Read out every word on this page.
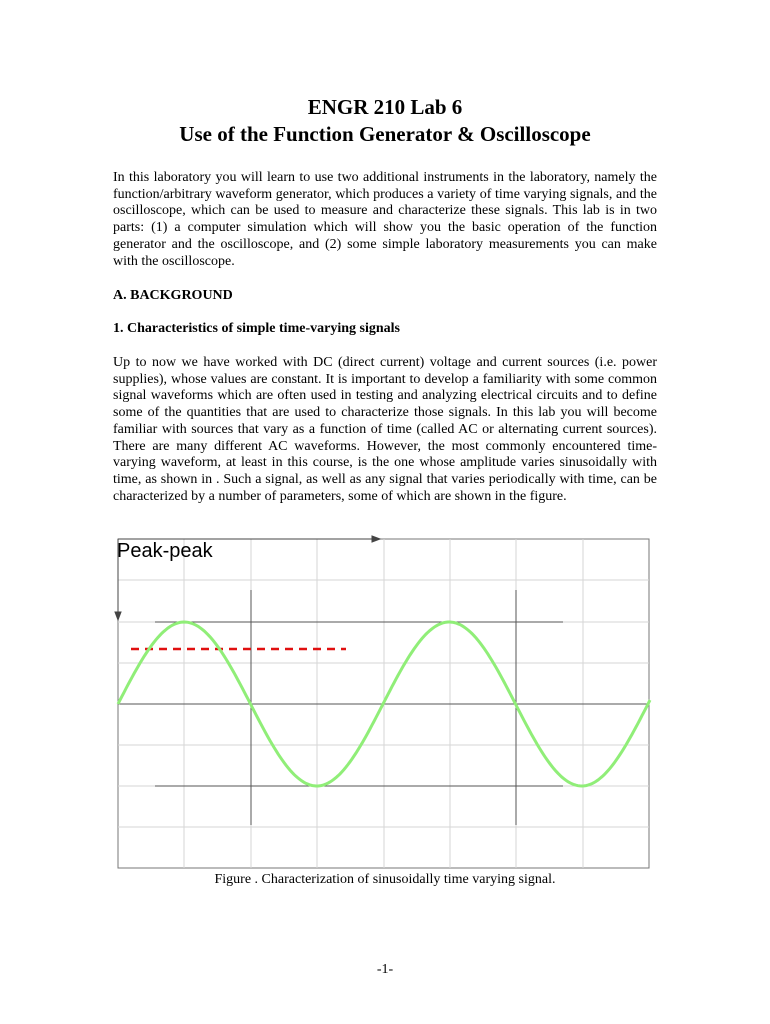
ENGR 210 Lab 6
Use of the Function Generator & Oscilloscope

In this laboratory you will learn to use two additional instruments in the laboratory, namely the function/arbitrary waveform generator, which produces a variety of time varying signals, and the oscilloscope, which can be used to measure and characterize these signals. This lab is in two parts: (1) a computer simulation which will show you the basic operation of the function generator and the oscilloscope, and (2) some simple laboratory measurements you can make with the oscilloscope.

A. BACKGROUND

1. Characteristics of simple time-varying signals

Up to now we have worked with DC (direct current) voltage and current sources (i.e. power supplies), whose values are constant. It is important to develop a familiarity with some common signal waveforms which are often used in testing and analyzing electrical circuits and to define some of the quantities that are used to characterize those signals. In this lab you will become familiar with sources that vary as a function of time (called AC or alternating current sources). There are many different AC waveforms. However, the most commonly encountered time-varying waveform, at least in this course, is the one whose amplitude varies sinusoidally with time, as shown in . Such a signal, as well as any signal that varies periodically with time, can be characterized by a number of parameters, some of which are shown in the figure.

Peak-peak
Figure . Characterization of sinusoidally time varying signal.
-1-
